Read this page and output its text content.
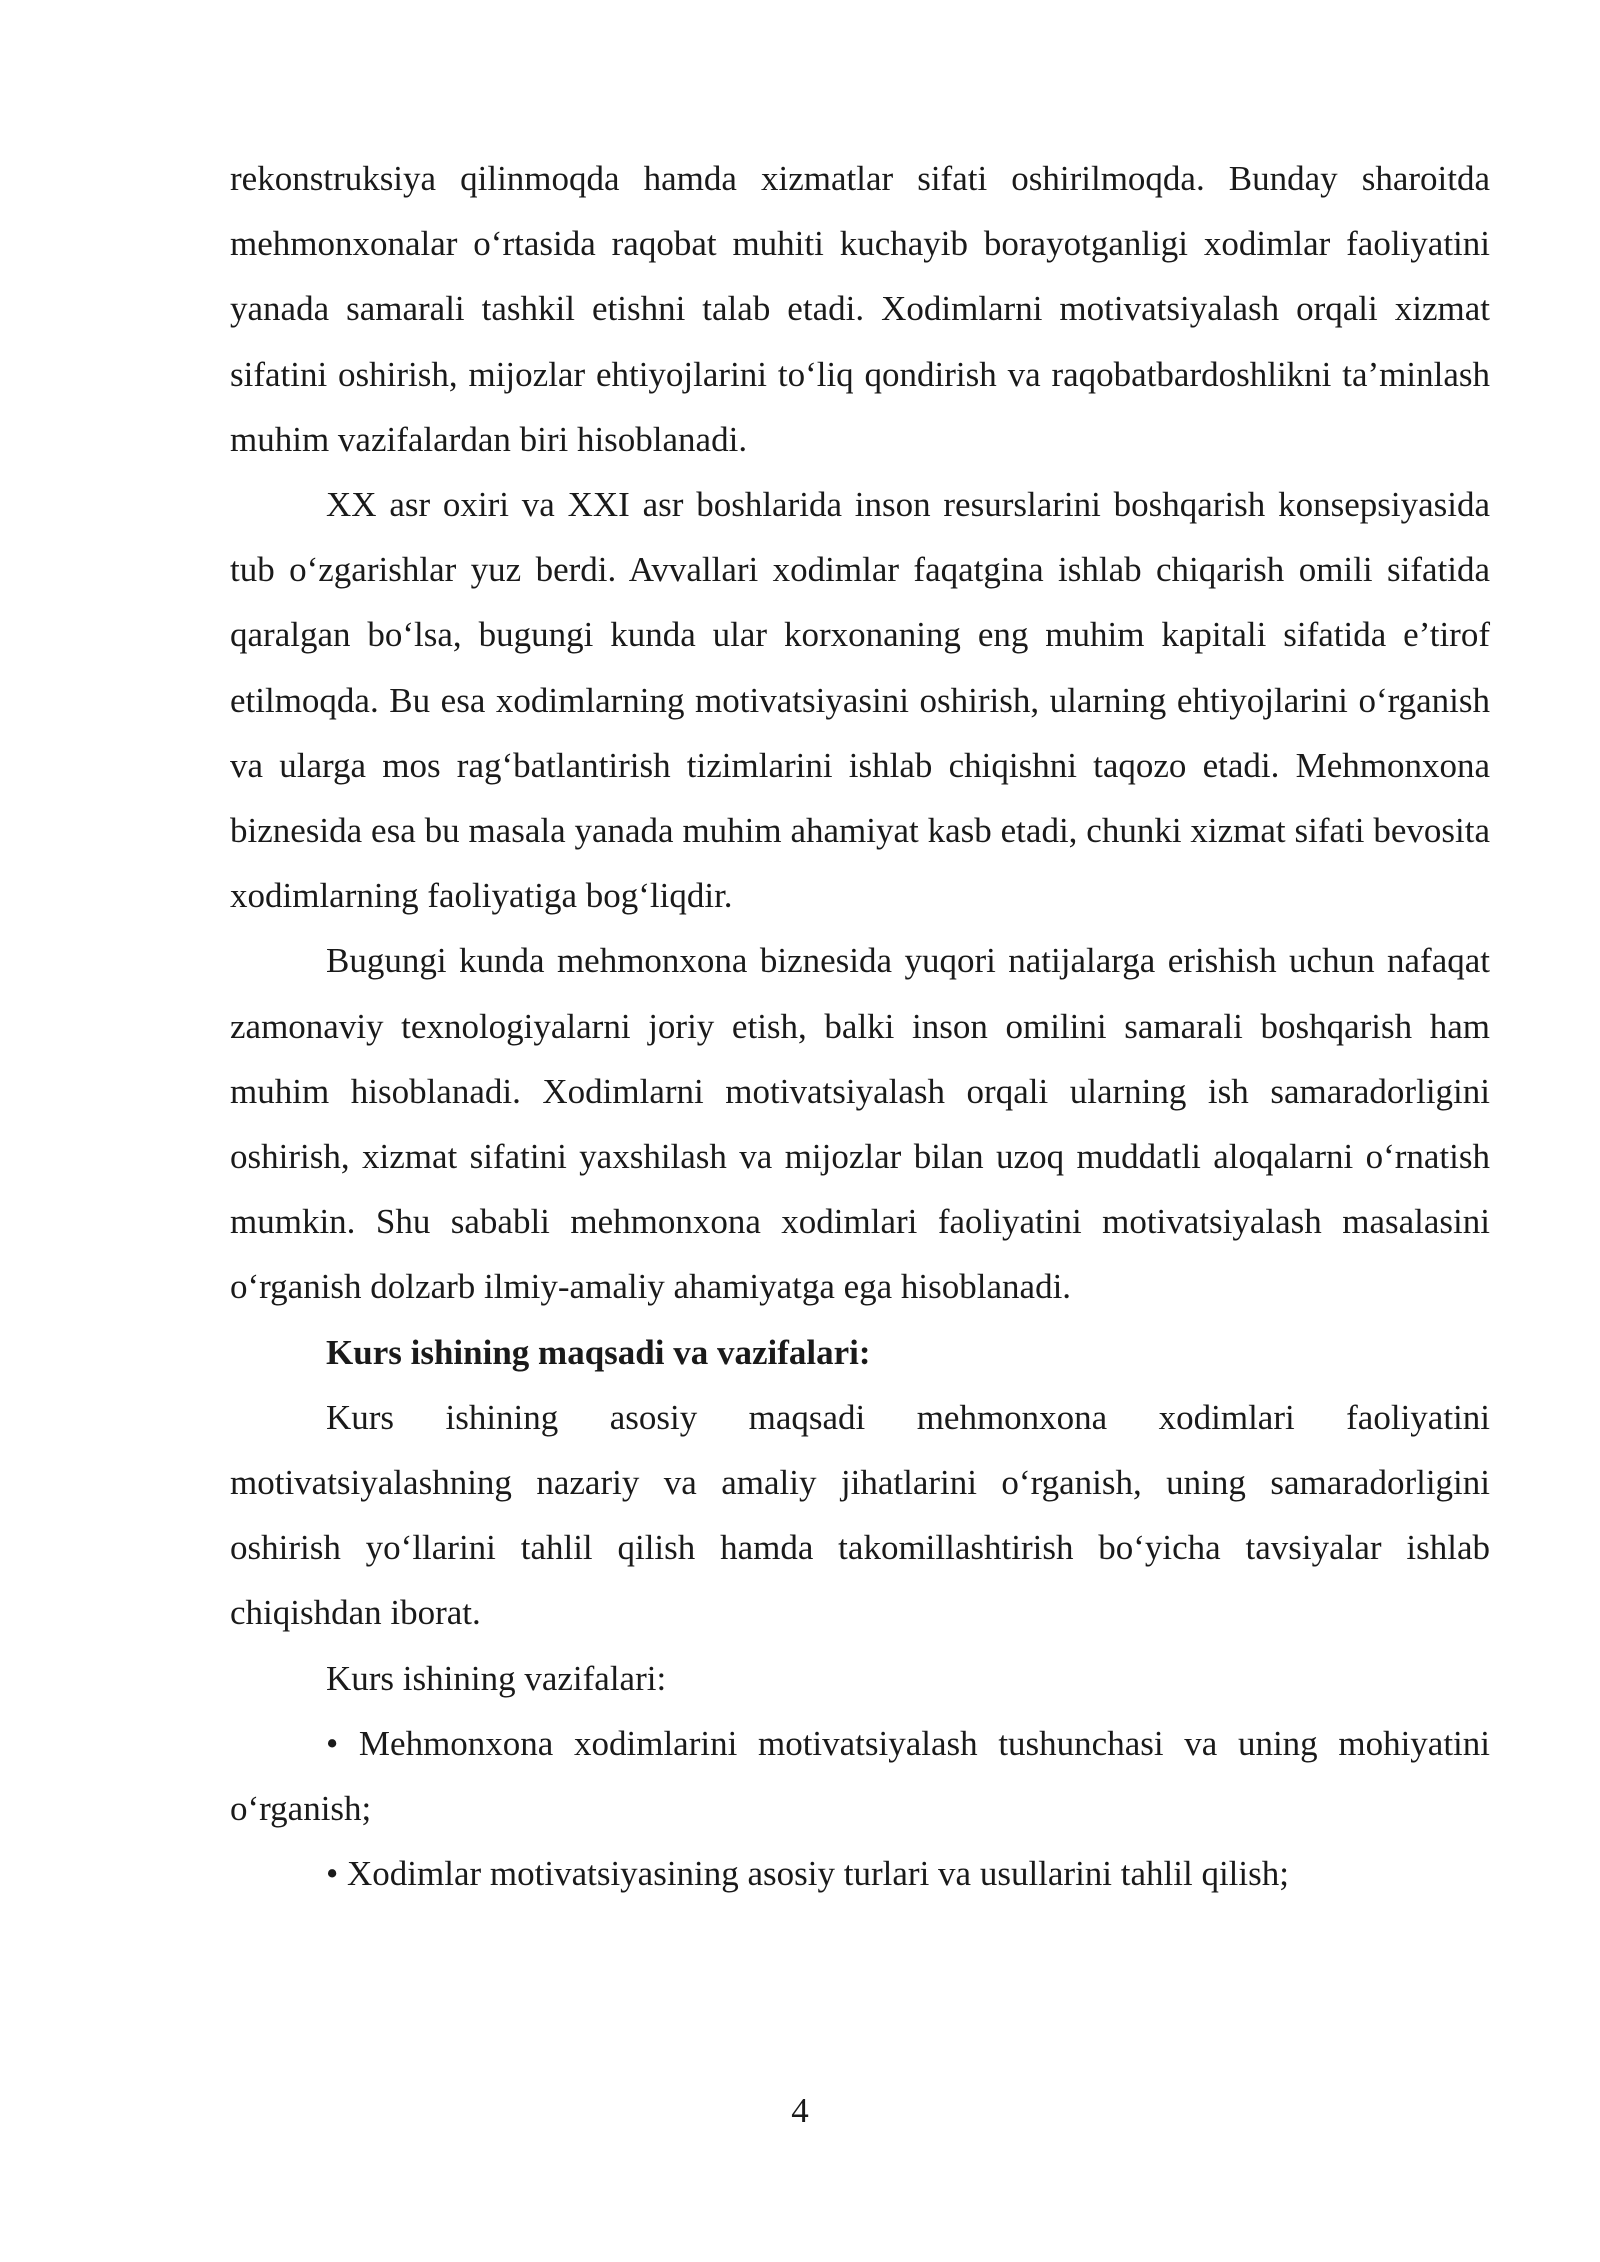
rekonstruksiya qilinmoqda hamda xizmatlar sifati oshirilmoqda. Bunday sharoitda mehmonxonalar o‘rtasida raqobat muhiti kuchayib borayotganligi xodimlar faoliyatini yanada samarali tashkil etishni talab etadi. Xodimlarni motivatsiyalash orqali xizmat sifatini oshirish, mijozlar ehtiyojlarini to‘liq qondirish va raqobatbardoshlikni ta’minlash muhim vazifalardan biri hisoblanadi.

XX asr oxiri va XXI asr boshlarida inson resurslarini boshqarish konsepsiyasida tub o‘zgarishlar yuz berdi. Avvallari xodimlar faqatgina ishlab chiqarish omili sifatida qaralgan bo‘lsa, bugungi kunda ular korxonaning eng muhim kapitali sifatida e’tirof etilmoqda. Bu esa xodimlarning motivatsiyasini oshirish, ularning ehtiyojlarini o‘rganish va ularga mos rag‘batlantirish tizimlarini ishlab chiqishni taqozo etadi. Mehmonxona biznesida esa bu masala yanada muhim ahamiyat kasb etadi, chunki xizmat sifati bevosita xodimlarning faoliyatiga bog‘liqdir.

Bugungi kunda mehmonxona biznesida yuqori natijalarga erishish uchun nafaqat zamonaviy texnologiyalarni joriy etish, balki inson omilini samarali boshqarish ham muhim hisoblanadi. Xodimlarni motivatsiyalash orqali ularning ish samaradorligini oshirish, xizmat sifatini yaxshilash va mijozlar bilan uzoq muddatli aloqalarni o‘rnatish mumkin. Shu sababli mehmonxona xodimlari faoliyatini motivatsiyalash masalasini o‘rganish dolzarb ilmiy-amaliy ahamiyatga ega hisoblanadi.

Kurs ishining maqsadi va vazifalari:

Kurs ishining asosiy maqsadi mehmonxona xodimlari faoliyatini motivatsiyalashning nazariy va amaliy jihatlarini o‘rganish, uning samaradorligini oshirish yo‘llarini tahlil qilish hamda takomillashtirish bo‘yicha tavsiyalar ishlab chiqishdan iborat.

Kurs ishining vazifalari:

• Mehmonxona xodimlarini motivatsiyalash tushunchasi va uning mohiyatini o‘rganish;

• Xodimlar motivatsiyasining asosiy turlari va usullarini tahlil qilish;

4
